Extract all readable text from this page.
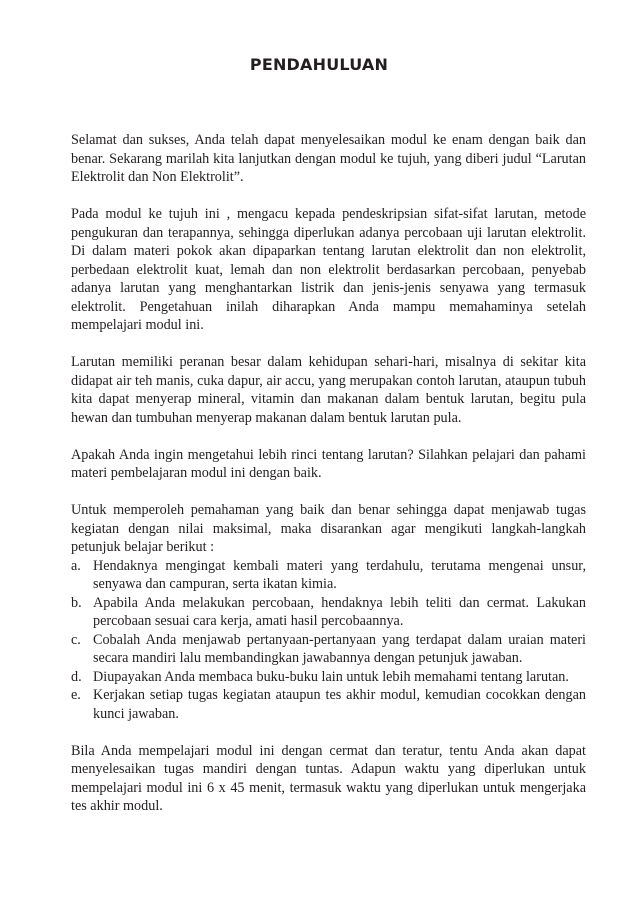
PENDAHULUAN

Selamat dan sukses, Anda telah dapat menyelesaikan modul ke enam dengan baik dan benar. Sekarang marilah kita lanjutkan dengan modul ke tujuh, yang diberi judul “Larutan Elektrolit dan Non Elektrolit”.

Pada modul ke tujuh ini , mengacu kepada pendeskripsian sifat-sifat larutan, metode pengukuran dan terapannya, sehingga diperlukan adanya percobaan uji larutan elektrolit. Di dalam materi pokok akan dipaparkan tentang larutan elektrolit dan non elektrolit, perbedaan elektrolit kuat, lemah dan non elektrolit berdasarkan percobaan, penyebab adanya larutan yang menghantarkan listrik dan jenis-jenis senyawa yang termasuk elektrolit. Pengetahuan inilah diharapkan Anda mampu memahaminya setelah mempelajari modul ini.

Larutan memiliki peranan besar dalam kehidupan sehari-hari, misalnya di sekitar kita didapat air teh manis, cuka dapur, air accu, yang merupakan contoh larutan, ataupun tubuh kita dapat menyerap mineral, vitamin dan makanan dalam bentuk larutan, begitu pula hewan dan tumbuhan menyerap makanan dalam bentuk larutan pula.

Apakah Anda ingin mengetahui lebih rinci tentang larutan? Silahkan pelajari dan pahami materi pembelajaran modul ini dengan baik.

Untuk memperoleh pemahaman yang baik dan benar sehingga dapat menjawab tugas kegiatan dengan nilai maksimal, maka disarankan agar mengikuti langkah-langkah petunjuk belajar berikut :

a. Hendaknya mengingat kembali materi yang terdahulu, terutama mengenai unsur, senyawa dan campuran, serta ikatan kimia.
b. Apabila Anda melakukan percobaan, hendaknya lebih teliti dan cermat. Lakukan percobaan sesuai cara kerja, amati hasil percobaannya.
c. Cobalah Anda menjawab pertanyaan-pertanyaan yang terdapat dalam uraian materi secara mandiri lalu membandingkan jawabannya dengan petunjuk jawaban.
d. Diupayakan Anda membaca buku-buku lain untuk lebih memahami tentang larutan.
e. Kerjakan setiap tugas kegiatan ataupun tes akhir modul, kemudian cocokkan dengan kunci jawaban.

Bila Anda mempelajari modul ini dengan cermat dan teratur, tentu Anda akan dapat menyelesaikan tugas mandiri dengan tuntas. Adapun waktu yang diperlukan untuk mempelajari modul ini 6 x 45 menit, termasuk waktu yang diperlukan untuk mengerjaka tes akhir modul.
